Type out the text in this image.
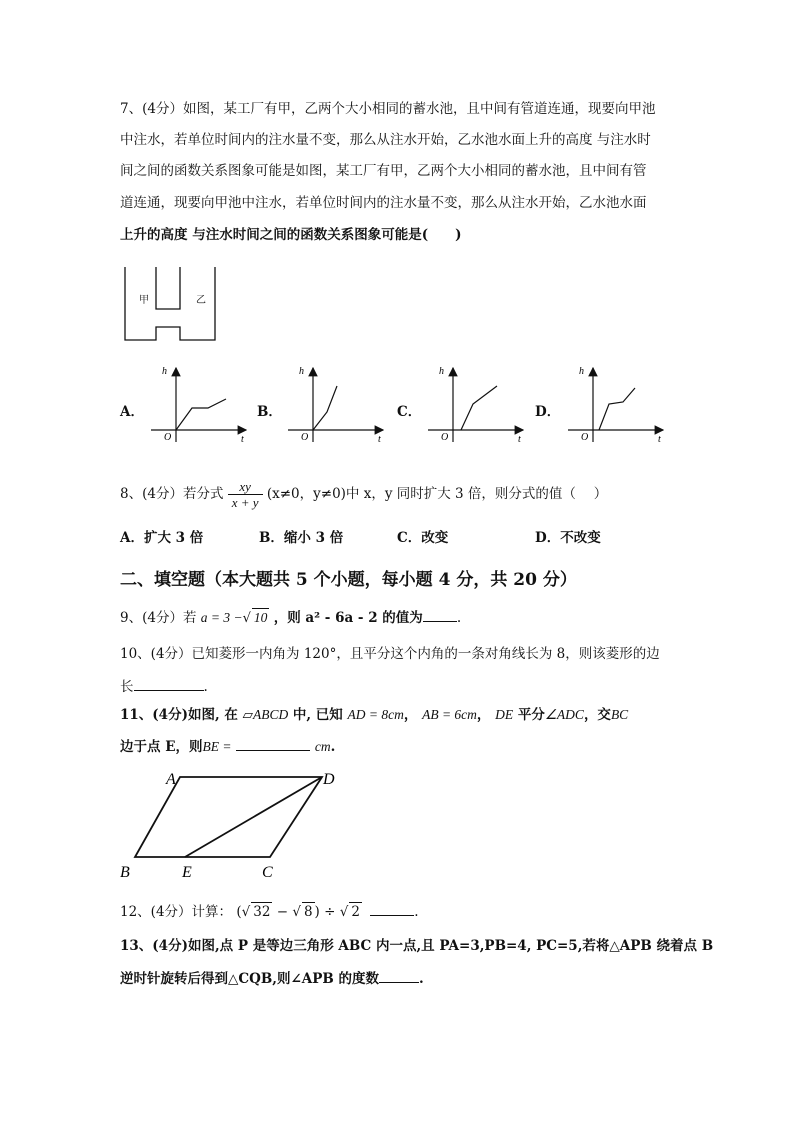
7、(4分）如图，某工厂有甲，乙两个大小相同的蓄水池，且中间有管道连通，现要向甲池
中注水，若单位时间内的注水量不变，那么从注水开始，乙水池水面上升的高度 与注水时
间之间的函数关系图象可能是如图，某工厂有甲，乙两个大小相同的蓄水池，且中间有管
道连通，现要向甲池中注水，若单位时间内的注水量不变，那么从注水开始，乙水池水面
上升的高度 与注水时间之间的函数关系图象可能是(　　)
甲	乙
A．	B．	C．	D．
h
t
O
h
t
O
h
t
O
h
t
O
8、(4分）若分式 $\frac{xy}{x + y} (x\ne 0$，y≠0)中 x，y 同时扩大 3 倍，则分式的值（　 ）
A．扩大 3 倍	B．缩小 3 倍	C．改变	D．不改变
二、填空题（本大题共 5 个小题，每小题 4 分，共 20 分）
9、(4分）若 a = 3 −√ 10 ，则 a² - 6a - 2 的值为	.
10、(4分）已知菱形一内角为 120°，且平分这个内角的一条对角线长为 8，则该菱形的边
长	.
11、(4分)如图, 在 ▱ABCD 中, 已知 AD = 8cm， AB = 6cm， DE 平分∠ADC，交BC
边于点 E，则BE =	cm.
A	D
B	E	C
12、(4分）计算： (√ 32 − √ 8 ) ÷ √ 2	.
13、(4分)如图,点 P 是等边三角形 ABC 内一点,且 PA=3,PB=4, PC=5,若将△APB 绕着点 B
逆时针旋转后得到△CQB,则∠APB 的度数	.
